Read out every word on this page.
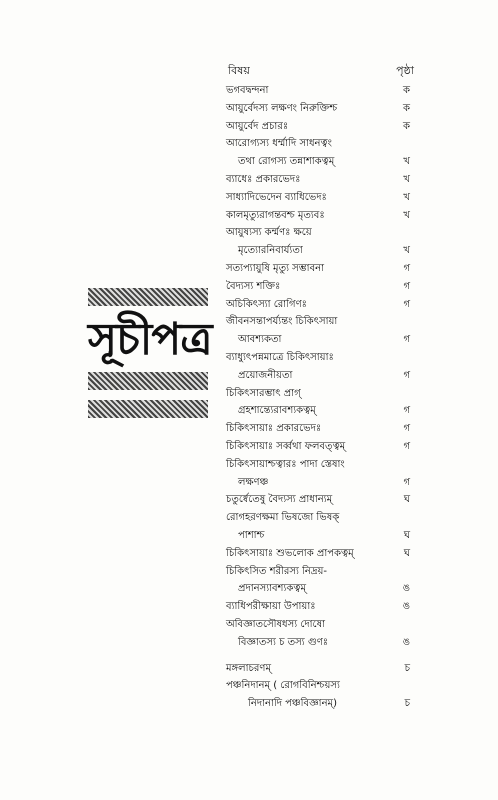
সূচীপত্র
বিষয়	পৃষ্ঠা
ভগবদ্বন্দনা	ক
আয়ুর্বেদস্য লক্ষণং নিরুক্তিশ্চ	ক
আয়ুর্বেদ প্রচারঃ	ক
আরোগ্যস্য ধর্ম্মাদি সাধনত্বং
তথা রোগস্য তন্নাশাকত্বম্	খ
ব্যাধেঃ প্রকারভেদঃ	খ
সাধ্যাদিভেদেন ব্যাধিভেদঃ	খ
কালমৃত্যুরাগন্তবশ্চ মৃত্যবঃ	খ
আয়ুষ্যস্য কর্ম্মণঃ ক্ষয়ে
মৃত্যোরনিবার্য্যতা	খ
সত্যপ্যায়ুষি মৃত্যু সম্ভাবনা	গ
বৈদ্যস্য শক্তিঃ	গ
অচিকিৎস্যা রোগিণঃ	গ
জীবনসন্তাপর্য্যন্তং চিকিৎসায়া
আবশ্যকতা	গ
ব্যাধ্যুৎপন্নমাত্রে চিকিৎসায়াঃ
প্রয়োজনীয়তা	গ
চিকিৎসারম্ভাৎ প্রাগ্
গ্রহশান্ত্যেরাবশ্যকত্বম্	গ
চিকিৎসায়াঃ প্রকারভেদঃ	গ
চিকিৎসায়াঃ সর্ব্বথা ফলবত্ত্বম্	গ
চিকিৎসায়াশ্চত্বারঃ পাদা স্তেষাং
লক্ষণঞ্চ	গ
চতুর্ষ্বেতেষু বৈদ্যস্য প্রাধান্যম্	ঘ
রোগহরণক্ষমা ভিষজো ভিষক্
পাশাশ্চ	ঘ
চিকিৎসায়াঃ শুভলোক প্রাপকত্বম্	ঘ
চিকিৎসিত শরীরস্য নিদ্রয়-
প্রদানস্যাবশ্যকত্বম্	ঙ
ব্যাধিপরীক্ষায়া উপায়াঃ	ঙ
অবিজ্ঞাতসৌষধস্য দোষো
বিজ্ঞাতস্য চ তস্য গুণঃ	ঙ
মঙ্গলাচরণম্	চ
পঞ্চনিদানম্ ( রোগবিনিশ্চয়স্য
নিদানাদি পঞ্চবিজ্ঞানম্)	চ
